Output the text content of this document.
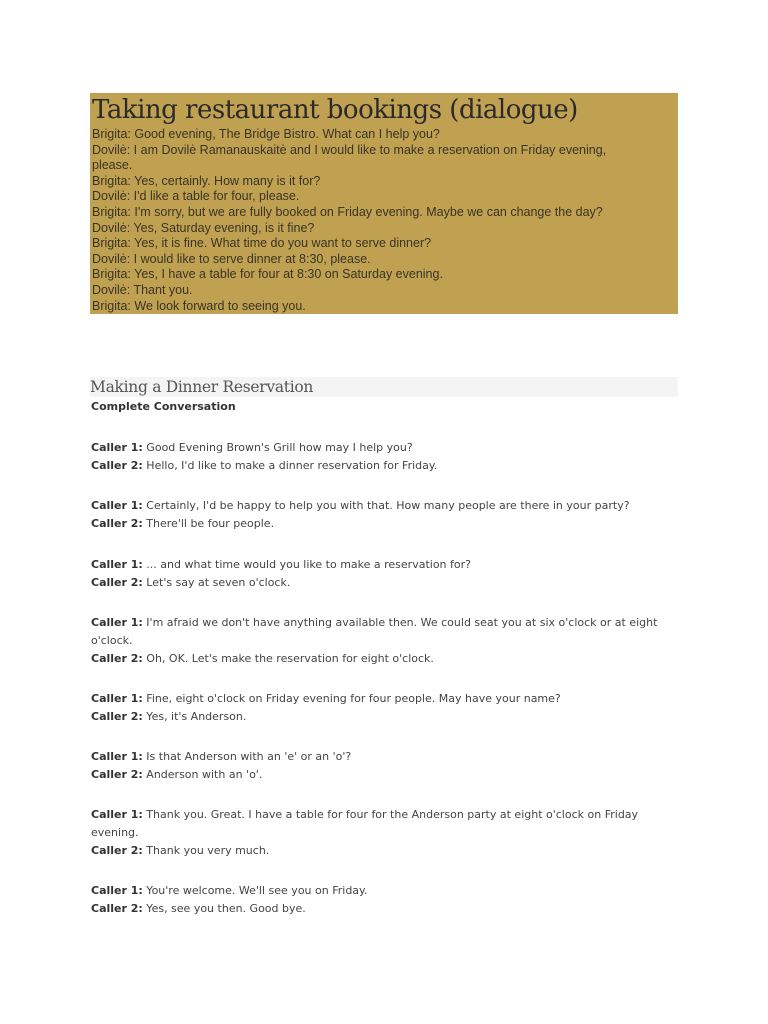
Taking restaurant bookings (dialogue)
Brigita: Good evening, The Bridge Bistro. What can I help you?
Dovilė: I am Dovilė Ramanauskaitė and I would like to make a reservation on Friday evening,
please.
Brigita: Yes, certainly. How many is it for?
Dovilė: I'd like a table for four, please.
Brigita: I'm sorry, but we are fully booked on Friday evening. Maybe we can change the day?
Dovilė: Yes, Saturday evening, is it fine?
Brigita: Yes, it is fine. What time do you want to serve dinner?
Dovilė: I would like to serve dinner at 8:30, please.
Brigita: Yes, I have a table for four at 8:30 on Saturday evening.
Dovilė: Thant you.
Brigita: We look forward to seeing you.
Making a Dinner Reservation

Complete Conversation

Caller 1: Good Evening Brown's Grill how may I help you?

Caller 2: Hello, I'd like to make a dinner reservation for Friday.

Caller 1: Certainly, I'd be happy to help you with that. How many people are there in your party?

Caller 2: There'll be four people.

Caller 1: ... and what time would you like to make a reservation for?

Caller 2: Let's say at seven o'clock.

Caller 1: I'm afraid we don't have anything available then. We could seat you at six o'clock or at eight o'clock.

Caller 2: Oh, OK. Let's make the reservation for eight o'clock.

Caller 1: Fine, eight o'clock on Friday evening for four people. May have your name?

Caller 2: Yes, it's Anderson.

Caller 1: Is that Anderson with an 'e' or an 'o'?

Caller 2: Anderson with an 'o'.

Caller 1: Thank you. Great. I have a table for four for the Anderson party at eight o'clock on Friday evening.

Caller 2: Thank you very much.

Caller 1: You're welcome. We'll see you on Friday.

Caller 2: Yes, see you then. Good bye.
